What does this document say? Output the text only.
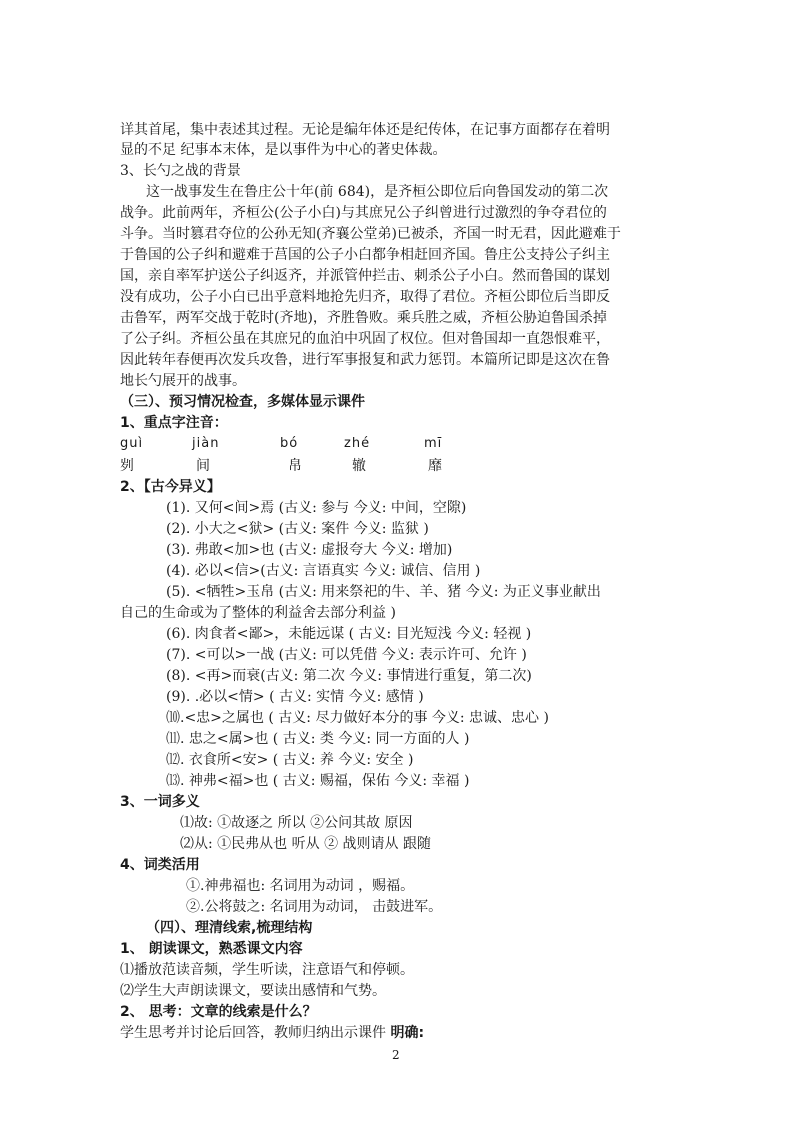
详其首尾，集中表述其过程。无论是编年体还是纪传体，在记事方面都存在着明
显的不足 纪事本末体，是以事件为中心的著史体裁。
3、长勺之战的背景
这一战事发生在鲁庄公十年(前 684)，是齐桓公即位后向鲁国发动的第二次
战争。此前两年，齐桓公(公子小白)与其庶兄公子纠曾进行过激烈的争夺君位的
斗争。当时篡君夺位的公孙无知(齐襄公堂弟)已被杀，齐国一时无君，因此避难于
于鲁国的公子纠和避难于莒国的公子小白都争相赶回齐国。鲁庄公支持公子纠主
国，亲自率军护送公子纠返齐，并派管仲拦击、刺杀公子小白。然而鲁国的谋划
没有成功，公子小白已出乎意料地抢先归齐，取得了君位。齐桓公即位后当即反
击鲁军，两军交战于乾时(齐地)，齐胜鲁败。乘兵胜之威，齐桓公胁迫鲁国杀掉
了公子纠。齐桓公虽在其庶兄的血泊中巩固了权位。但对鲁国却一直怨恨难平，
因此转年春便再次发兵攻鲁，进行军事报复和武力惩罚。本篇所记即是这次在鲁
地长勺展开的战事。
（三）、预习情况检查，多媒体显示课件
1、重点字注音：
guì	jiàn	bó	zhé	mī
刿	间	帛	辙	靡
2、【古今异义】
(1). 又何<间>焉 (古义: 参与 今义: 中间，空隙)
(2). 小大之<狱> (古义: 案件 今义: 监狱 )
(3). 弗敢<加>也 (古义: 虚报夸大 今义: 增加)
(4). 必以<信>(古义: 言语真实 今义: 诚信、信用 )
(5). <牺牲>玉帛 (古义: 用来祭祀的牛、羊、猪 今义: 为正义事业献出
自己的生命或为了整体的利益舍去部分利益 )
(6). 肉食者<鄙>，未能远谋 ( 古义: 目光短浅 今义: 轻视 )
(7). <可以>一战 (古义: 可以凭借 今义: 表示许可、允许 )
(8). <再>而衰(古义: 第二次 今义: 事情进行重复，第二次)
(9). .必以<情> ( 古义: 实情 今义: 感情 )
⑽.<忠>之属也 ( 古义: 尽力做好本分的事 今义: 忠诚、忠心 )
⑾. 忠之<属>也 ( 古义: 类 今义: 同一方面的人 )
⑿. 衣食所<安> ( 古义: 养 今义: 安全 )
⒀. 神弗<福>也 ( 古义: 赐福，保佑 今义: 幸福 )
3、一词多义
⑴故: ①故逐之 所以 ②公问其故 原因
⑵从: ①民弗从也 听从 ② 战则请从 跟随
4、词类活用
①.神弗福也: 名词用为动词 ，赐福。
②.公将鼓之: 名词用为动词， 击鼓进军。
（四）、理清线索,梳理结构
1、 朗读课文，熟悉课文内容
⑴播放范读音频，学生听读，注意语气和停顿。
⑵学生大声朗读课文，要读出感情和气势。
2、 思考：文章的线索是什么？
学生思考并讨论后回答，教师归纳出示课件 明确:
2
